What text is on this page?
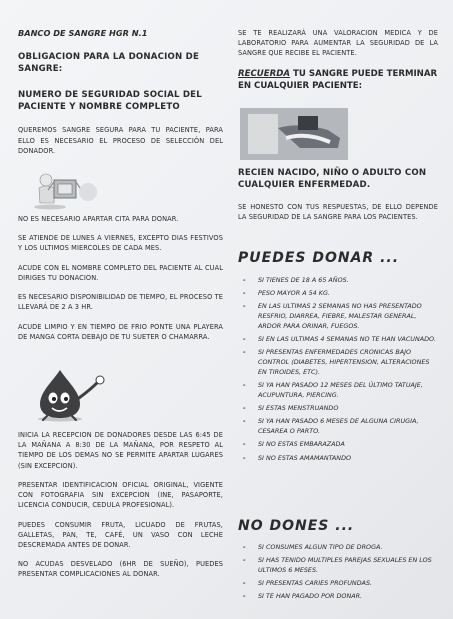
BANCO DE SANGRE HGR N.1

OBLIGACION PARA LA DONACION DE SANGRE:

NUMERO DE SEGURIDAD SOCIAL DEL PACIENTE Y NOMBRE COMPLETO

QUEREMOS SANGRE SEGURA PARA TU PACIENTE, PARA ELLO ES NECESARIO EL PROCESO DE SELECCIÓN DEL DONADOR.

NO ES NECESARIO APARTAR CITA PARA DONAR.

SE ATIENDE DE LUNES A VIERNES, EXCEPTO DIAS FESTIVOS Y LOS ULTIMOS MIERCOLES DE CADA MES.

ACUDE CON EL NOMBRE COMPLETO DEL PACIENTE AL CUAL DIRIGES TU DONACION.

ES NECESARIO DISPONIBILIDAD DE TIEMPO, EL PROCESO TE LLEVARÁ DE 2 A 3 HR.

ACUDE LIMPIO Y EN TIEMPO DE FRIO PONTE UNA PLAYERA DE MANGA CORTA DEBAJO DE TU SUETER O CHAMARRA.

INICIA LA RECEPCION DE DONADORES DESDE LAS 6:45 DE LA MAÑANA A 8:30 DE LA MAÑANA, POR RESPETO AL TIEMPO DE LOS DEMAS NO SE PERMITE APARTAR LUGARES (SIN EXCEPCION).

PRESENTAR IDENTIFICACION OFICIAL ORIGINAL, VIGENTE CON FOTOGRAFIA SIN EXCEPCION (INE, PASAPORTE, LICENCIA CONDUCIR, CEDULA PROFESIONAL).

PUEDES CONSUMIR FRUTA, LICUADO DE FRUTAS, GALLETAS, PAN, TE, CAFÉ, UN VASO CON LECHE DESCREMADA ANTES DE DONAR.

NO ACUDAS DESVELADO (6HR DE SUEÑO), PUEDES PRESENTAR COMPLICACIONES AL DONAR.

SE TE REALIZARÁ UNA VALORACION MEDICA Y DE LABORATORIO PARA AUMENTAR LA SEGURIDAD DE LA SANGRE QUE RECIBE EL PACIENTE.

RECUERDA TU SANGRE PUEDE TERMINAR EN CUALQUIER PACIENTE:

RECIEN NACIDO, NIÑO O ADULTO CON CUALQUIER ENFERMEDAD.

SE HONESTO CON TUS RESPUESTAS, DE ELLO DEPENDE LA SEGURIDAD DE LA SANGRE PARA LOS PACIENTES.

PUEDES DONAR ...

- SI TIENES DE 18 A 65 AÑOS.
- PESO MAYOR A 54 KG.
- EN LAS ULTIMAS 2 SEMANAS NO HAS PRESENTADO RESFRIO, DIARREA, FIEBRE, MALESTAR GENERAL, ARDOR PARA ORINAR, FUEGOS.
- SI EN LAS ULTIMAS 4 SEMANAS NO TE HAN VACUNADO.
- SI PRESENTAS ENFERMEDADES CRONICAS BAJO CONTROL (DIABETES, HIPERTENSION, ALTERACIONES EN TIROIDES, ETC).
- SI YA HAN PASADO 12 MESES DEL ÚLTIMO TATUAJE, ACUPUNTURA, PIERCING.
- SI ESTAS MENSTRUANDO
- SI YA HAN PASADO 6 MESES DE ALGUNA CIRUGIA, CESAREA O PARTO.
- SI NO ESTAS EMBARAZADA
- SI NO ESTAS AMAMANTANDO

NO DONES ...

- SI CONSUMES ALGUN TIPO DE DROGA.
- SI HAS TENIDO MULTIPLES PAREJAS SEXUALES EN LOS ULTIMOS 6 MESES.
- SI PRESENTAS CARIES PROFUNDAS.
- SI TE HAN PAGADO POR DONAR.
